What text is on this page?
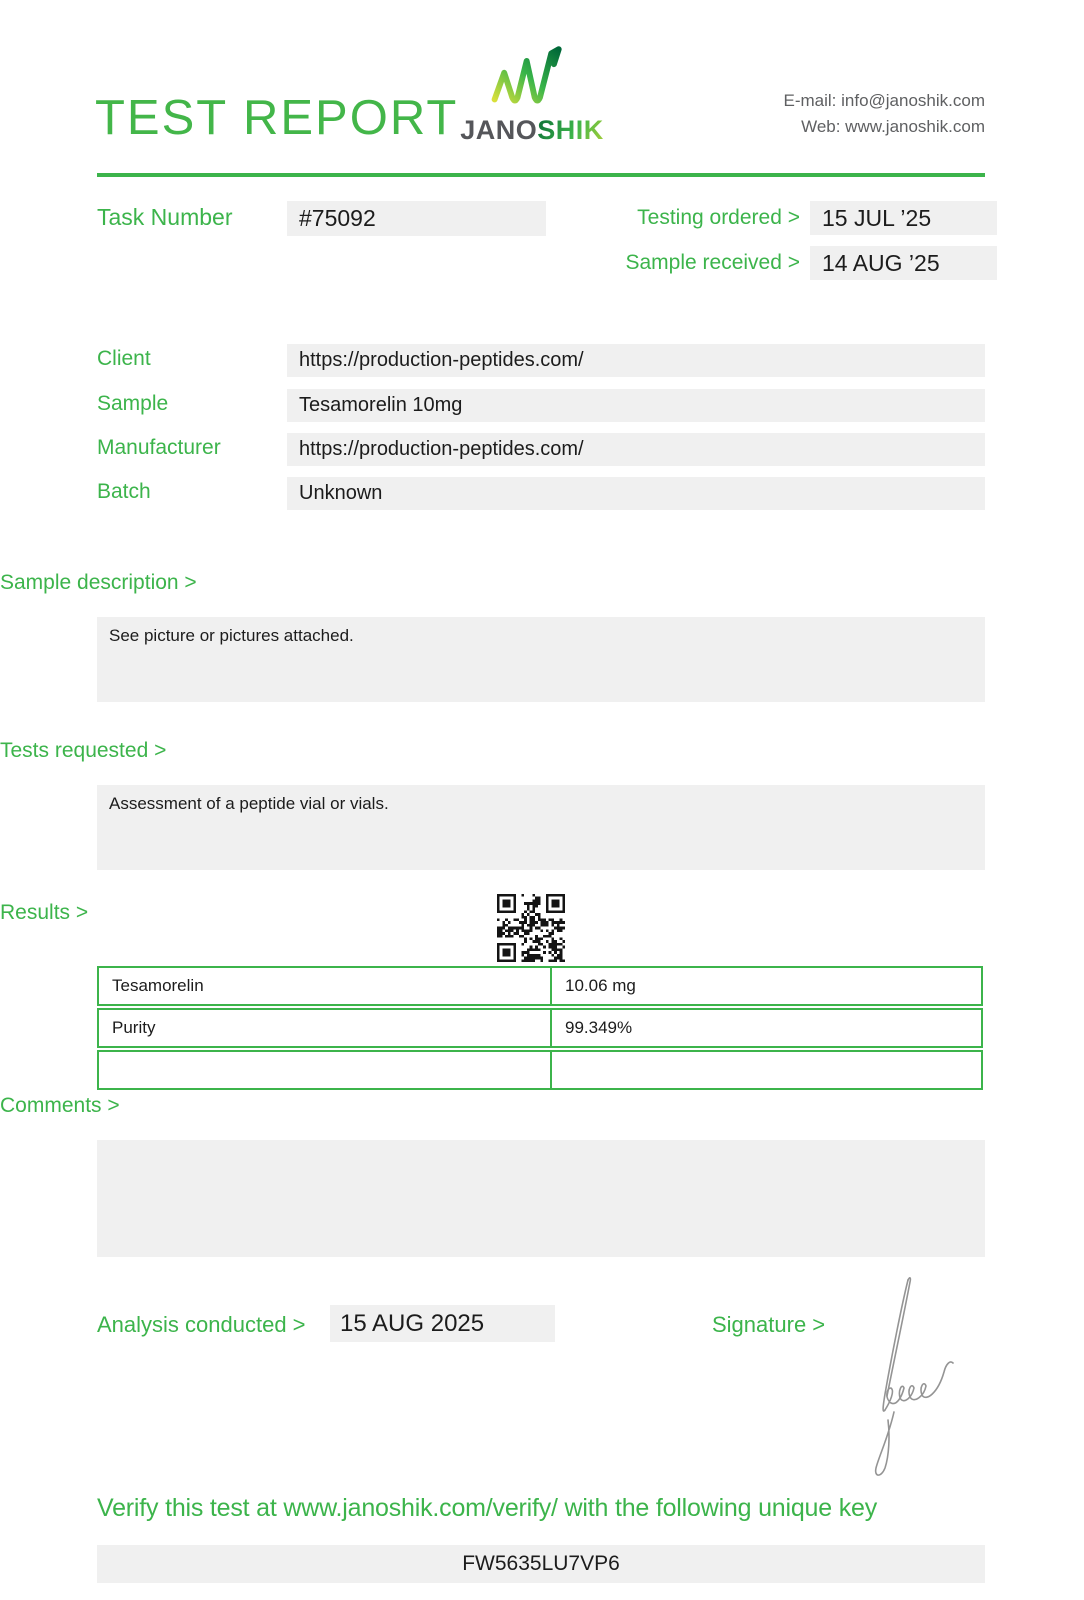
TEST REPORT JANOSHIK
E-mail: info@janoshik.com
Web: www.janoshik.com
Task Number	#75092	Testing ordered > 15 JUL ’25
Sample received > 14 AUG ’25
Client	https://production-peptides.com/
Sample	Tesamorelin 10mg
Manufacturer	https://production-peptides.com/
Batch	Unknown
Sample description >
See picture or pictures attached.
Tests requested >
Assessment of a peptide vial or vials.
Results >
Tesamorelin	10.06 mg
Purity	99.349%
Comments >
Analysis conducted >	15 AUG 2025	Signature >
Verify this test at www.janoshik.com/verify/ with the following unique key
FW5635LU7VP6
